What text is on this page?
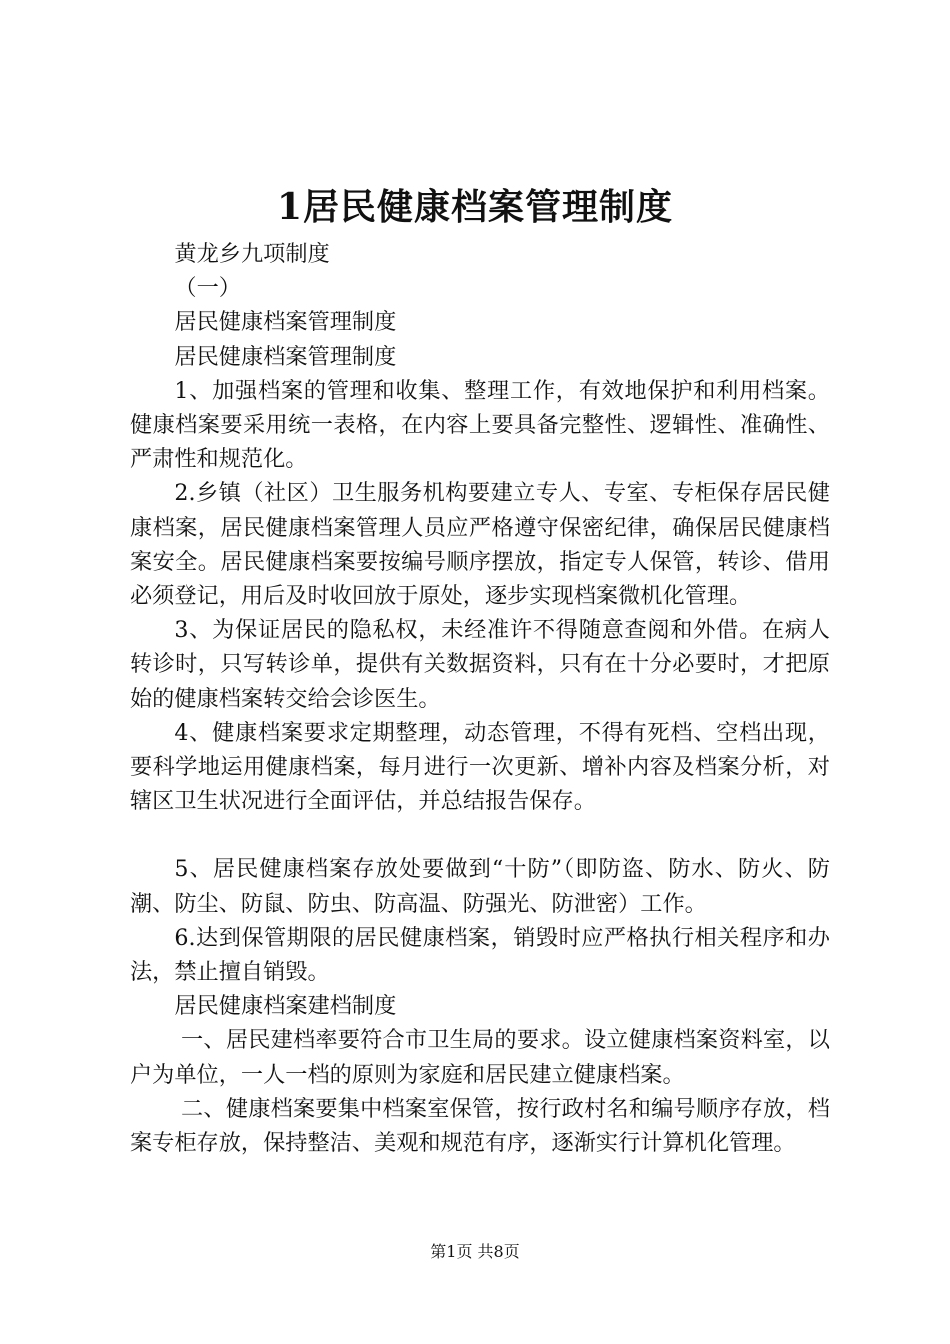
1居民健康档案管理制度

黄龙乡九项制度

（一）

居民健康档案管理制度

居民健康档案管理制度

1、加强档案的管理和收集、整理工作，有效地保护和利用档案。健康档案要采用统一表格，在内容上要具备完整性、逻辑性、准确性、严肃性和规范化。

2.乡镇（社区）卫生服务机构要建立专人、专室、专柜保存居民健康档案，居民健康档案管理人员应严格遵守保密纪律，确保居民健康档案安全。居民健康档案要按编号顺序摆放，指定专人保管，转诊、借用必须登记，用后及时收回放于原处，逐步实现档案微机化管理。

3、为保证居民的隐私权，未经准许不得随意查阅和外借。在病人转诊时，只写转诊单，提供有关数据资料，只有在十分必要时，才把原始的健康档案转交给会诊医生。

4、健康档案要求定期整理，动态管理，不得有死档、空档出现，要科学地运用健康档案，每月进行一次更新、增补内容及档案分析，对辖区卫生状况进行全面评估，并总结报告保存。

5、居民健康档案存放处要做到“十防”（即防盗、防水、防火、防潮、防尘、防鼠、防虫、防高温、防强光、防泄密）工作。

6.达到保管期限的居民健康档案，销毁时应严格执行相关程序和办法，禁止擅自销毁。

居民健康档案建档制度

一、居民建档率要符合市卫生局的要求。设立健康档案资料室，以户为单位，一人一档的原则为家庭和居民建立健康档案。

二、健康档案要集中档案室保管，按行政村名和编号顺序存放，档案专柜存放，保持整洁、美观和规范有序，逐渐实行计算机化管理。

第1页 共8页
